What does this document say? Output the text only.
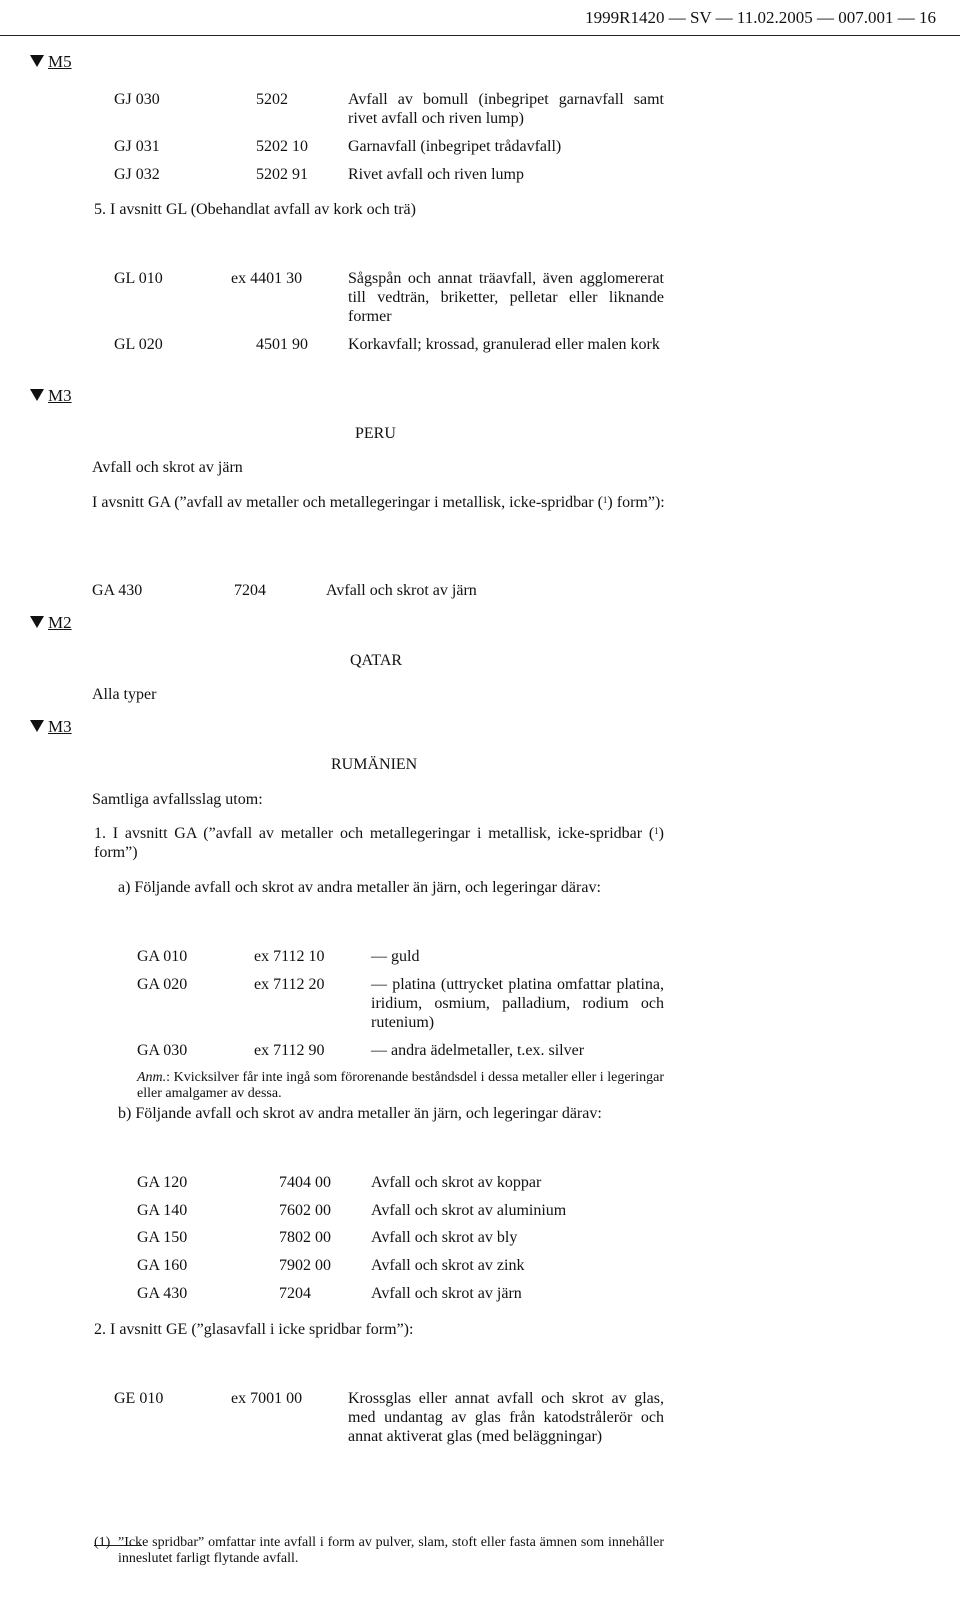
1999R1420 — SV — 11.02.2005 — 007.001 — 16
M5
M3
M2
M3
GJ 030	5202	Avfall av bomull (inbegripet garnavfall samt rivet avfall och riven lump)
GJ 031	5202 10	Garnavfall (inbegripet trådavfall)
GJ 032	5202 91	Rivet avfall och riven lump
5. I avsnitt GL (Obehandlat avfall av kork och trä)
GL 010	ex 4401 30	Sågspån och annat träavfall, även agglomererat till vedträn, briketter, pelletar eller liknande former
GL 020	4501 90	Korkavfall; krossad, granulerad eller malen kork
PERU
Avfall och skrot av järn
I avsnitt GA (”avfall av metaller och metallegeringar i metallisk, icke-spridbar ($^1$) form”):
GA 430	7204	Avfall och skrot av järn
QATAR
Alla typer
RUMÄNIEN
Samtliga avfallsslag utom:
1. I avsnitt GA (”avfall av metaller och metallegeringar i metallisk, icke-spridbar ($^1$) form”)
a) Följande avfall och skrot av andra metaller än järn, och legeringar därav:
GA 010	ex 7112 10	— guld
GA 020	ex 7112 20	— platina (uttrycket platina omfattar platina, iridium, osmium, palladium, rodium och rutenium)
GA 030	ex 7112 90	— andra ädelmetaller, t.ex. silver
Anm.: Kvicksilver får inte ingå som förorenande beståndsdel i dessa metaller eller i legeringar eller amalgamer av dessa.
b) Följande avfall och skrot av andra metaller än järn, och legeringar därav:
GA 120	7404 00	Avfall och skrot av koppar
GA 140	7602 00	Avfall och skrot av aluminium
GA 150	7802 00	Avfall och skrot av bly
GA 160	7902 00	Avfall och skrot av zink
GA 430	7204	Avfall och skrot av järn
2. I avsnitt GE (”glasavfall i icke spridbar form”):
GE 010	ex 7001 00	Krossglas eller annat avfall och skrot av glas, med undantag av glas från katodstrålerör och annat aktiverat glas (med beläggningar)
(1) ”Icke spridbar” omfattar inte avfall i form av pulver, slam, stoft eller fasta ämnen som innehåller inneslutet farligt flytande avfall.
